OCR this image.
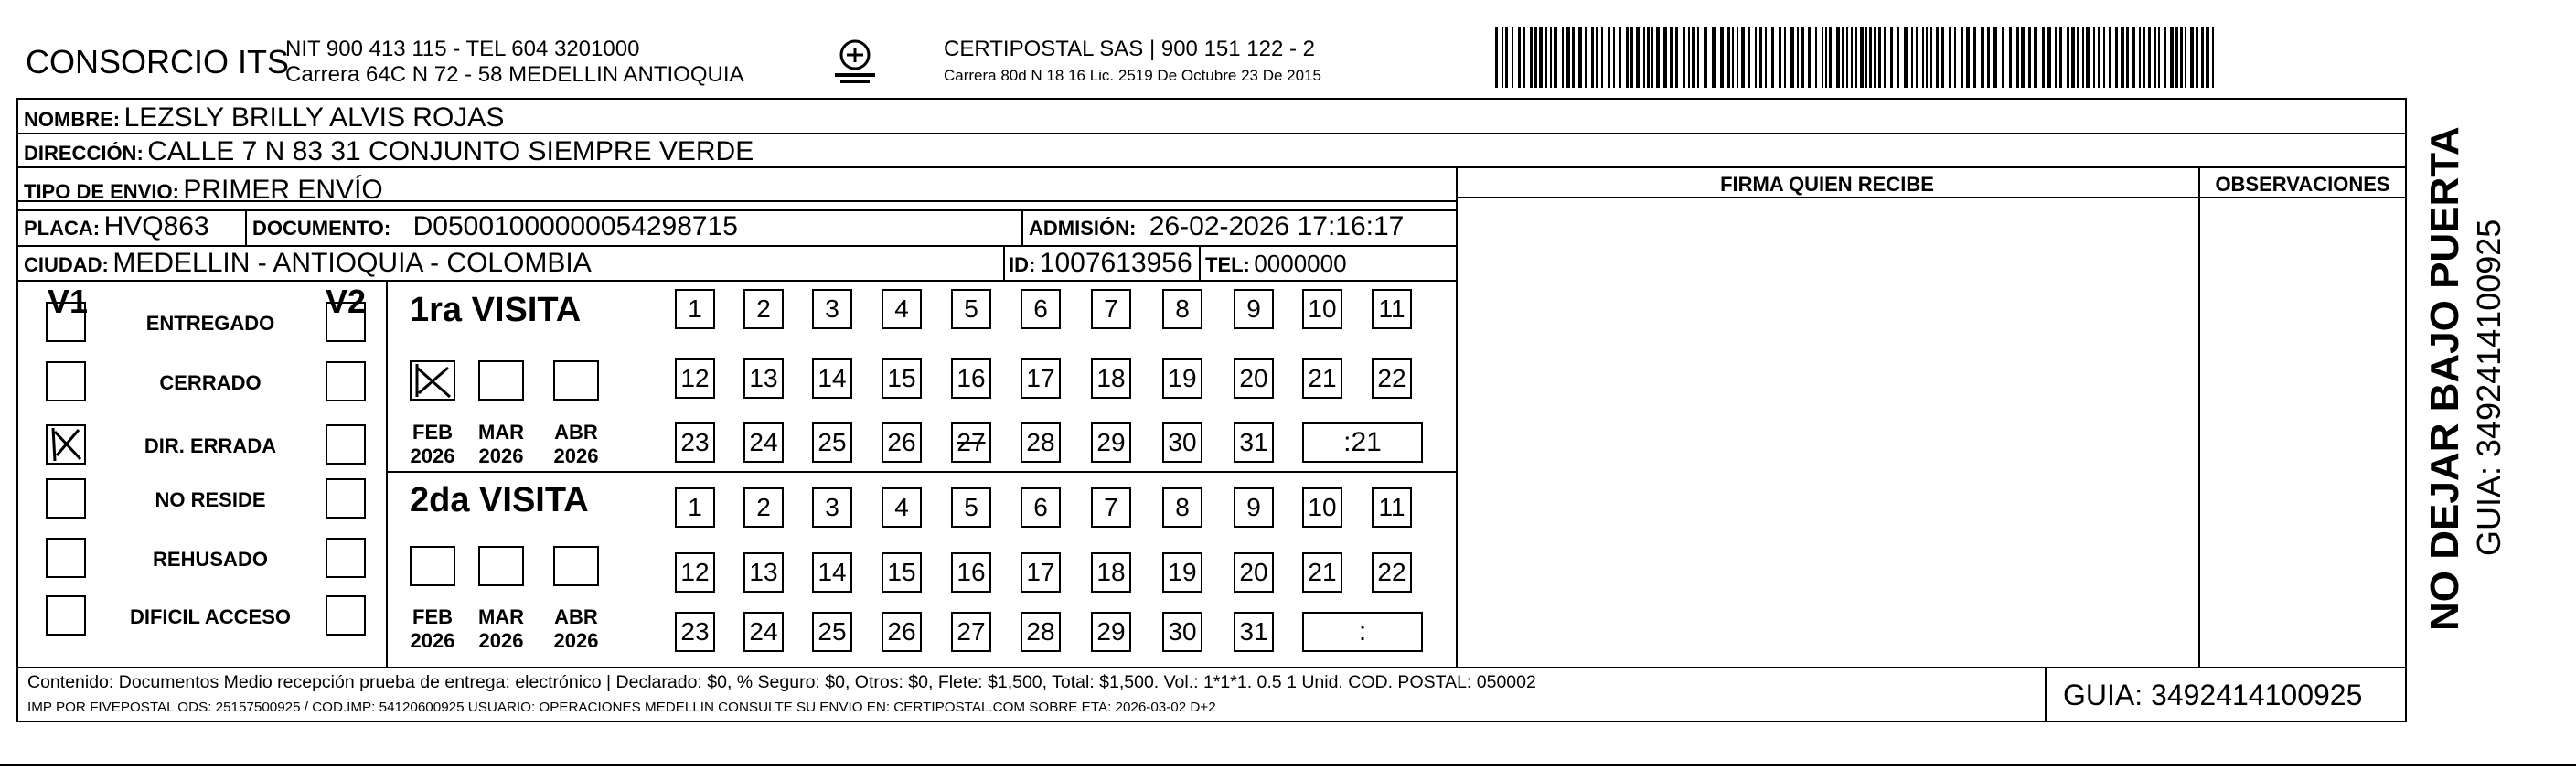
CONSORCIO ITS
NIT 900 413 115 - TEL 604 3201000
Carrera 64C N 72 - 58 MEDELLIN ANTIOQUIA
CERTIPOSTAL SAS | 900 151 122 - 2
Carrera 80d N 18 16 Lic. 2519 De Octubre 23 De 2015
NOMBRE: LEZSLY BRILLY ALVIS ROJAS
DIRECCIÓN: CALLE 7 N 83 31 CONJUNTO SIEMPRE VERDE
TIPO DE ENVIO: PRIMER ENVÍO	FIRMA QUIEN RECIBE	OBSERVACIONES
PLACA: HVQ863 DOCUMENTO: D05001000000054298715	ADMISIÓN: 26-02-2026 17:16:17
CIUDAD: MEDELLIN - ANTIOQUIA - COLOMBIA	ID: 1007613956 TEL: 0000000
V1	V2
ENTREGADO
CERRADO
DIR. ERRADA
NO RESIDE
REHUSADO
DIFICIL ACCESO
1ra VISITA
2da VISITA
FEB
2026
MAR
2026
ABR
2026
FEB
2026
MAR
2026
ABR
2026
1	2	3	4	5	6	7	8	9	10 11
12 13 14 15 16 17 18 19 20 21 22
23 24 25 26 27 28 29 30 31	:21
1	2	3	4	5	6	7	8	9	10 11
12 13 14 15 16 17 18 19 20 21 22
23 24 25 26 27 28 29 30 31	:
Contenido: Documentos Medio recepción prueba de entrega: electrónico | Declarado: $0, % Seguro: $0, Otros: $0, Flete: $1,500, Total: $1,500. Vol.: 1*1*1. 0.5 1 Unid. COD. POSTAL: 050002
IMP POR FIVEPOSTAL ODS: 25157500925 / COD.IMP: 54120600925 USUARIO: OPERACIONES MEDELLIN CONSULTE SU ENVIO EN: CERTIPOSTAL.COM SOBRE ETA: 2026-03-02 D+2	GUIA: 3492414100925
NO DEJAR BAJO PUERTA GUIA: 3492414100925
